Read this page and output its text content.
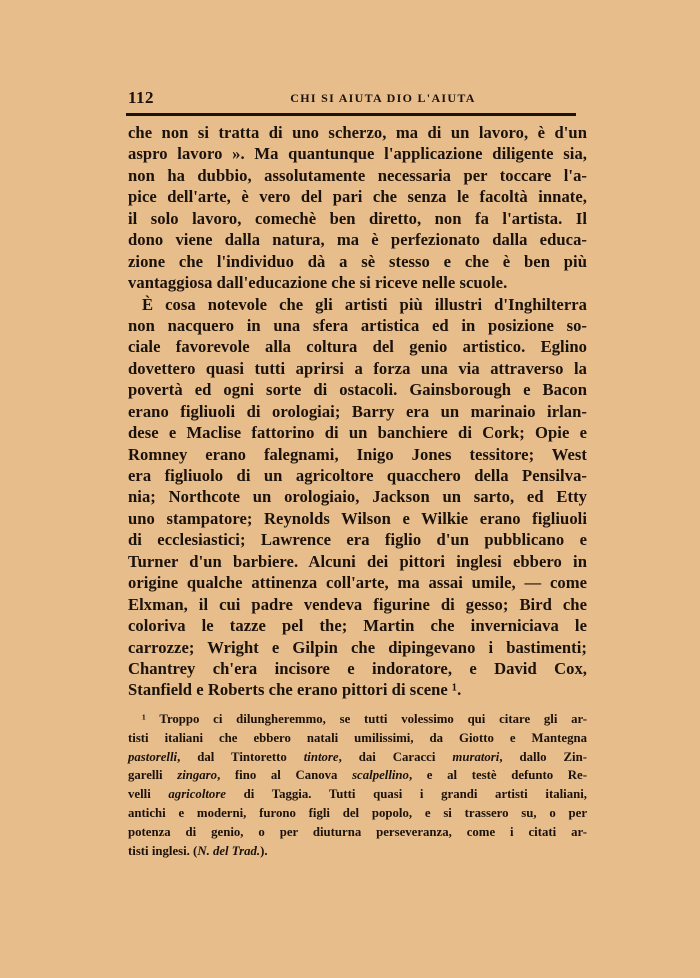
112	CHI SI AIUTA DIO L'AIUTA
che non si tratta di uno scherzo, ma di un lavoro, è d'un
aspro lavoro ». Ma quantunque l'applicazione diligente sia,
non ha dubbio, assolutamente necessaria per toccare l'a-
pice dell'arte, è vero del pari che senza le facoltà innate,
il solo lavoro, comechè ben diretto, non fa l'artista. Il
dono viene dalla natura, ma è perfezionato dalla educa-
zione che l'individuo dà a sè stesso e che è ben più
vantaggiosa dall'educazione che si riceve nelle scuole.
È cosa notevole che gli artisti più illustri d'Inghilterra
non nacquero in una sfera artistica ed in posizione so-
ciale favorevole alla coltura del genio artistico. Eglino
dovettero quasi tutti aprirsi a forza una via attraverso la
povertà ed ogni sorte di ostacoli. Gainsborough e Bacon
erano figliuoli di orologiai; Barry era un marinaio irlan-
dese e Maclise fattorino di un banchiere di Cork; Opie e
Romney erano falegnami, Inigo Jones tessitore; West
era figliuolo di un agricoltore quacchero della Pensilva-
nia; Northcote un orologiaio, Jackson un sarto, ed Etty
uno stampatore; Reynolds Wilson e Wilkie erano figliuoli
di ecclesiastici; Lawrence era figlio d'un pubblicano e
Turner d'un barbiere. Alcuni dei pittori inglesi ebbero in
origine qualche attinenza coll'arte, ma assai umile, — come
Elxman, il cui padre vendeva figurine di gesso; Bird che
coloriva le tazze pel the; Martin che inverniciava le
carrozze; Wright e Gilpin che dipingevano i bastimenti;
Chantrey ch'era incisore e indoratore, e David Cox,
Stanfield e Roberts che erano pittori di scene ¹.
¹ Troppo ci dilungheremmo, se tutti volessimo qui citare gli ar-
tisti italiani che ebbero natali umilissimi, da Giotto e Mantegna
pastorelli, dal Tintoretto tintore, dai Caracci muratori, dallo Zin-
garelli zingaro, fino al Canova scalpellino, e al testè defunto Re-
velli agricoltore di Taggia. Tutti quasi i grandi artisti italiani,
antichi e moderni, furono figli del popolo, e si trassero su, o per
potenza di genio, o per diuturna perseveranza, come i citati ar-
tisti inglesi. (N. del Trad.).
